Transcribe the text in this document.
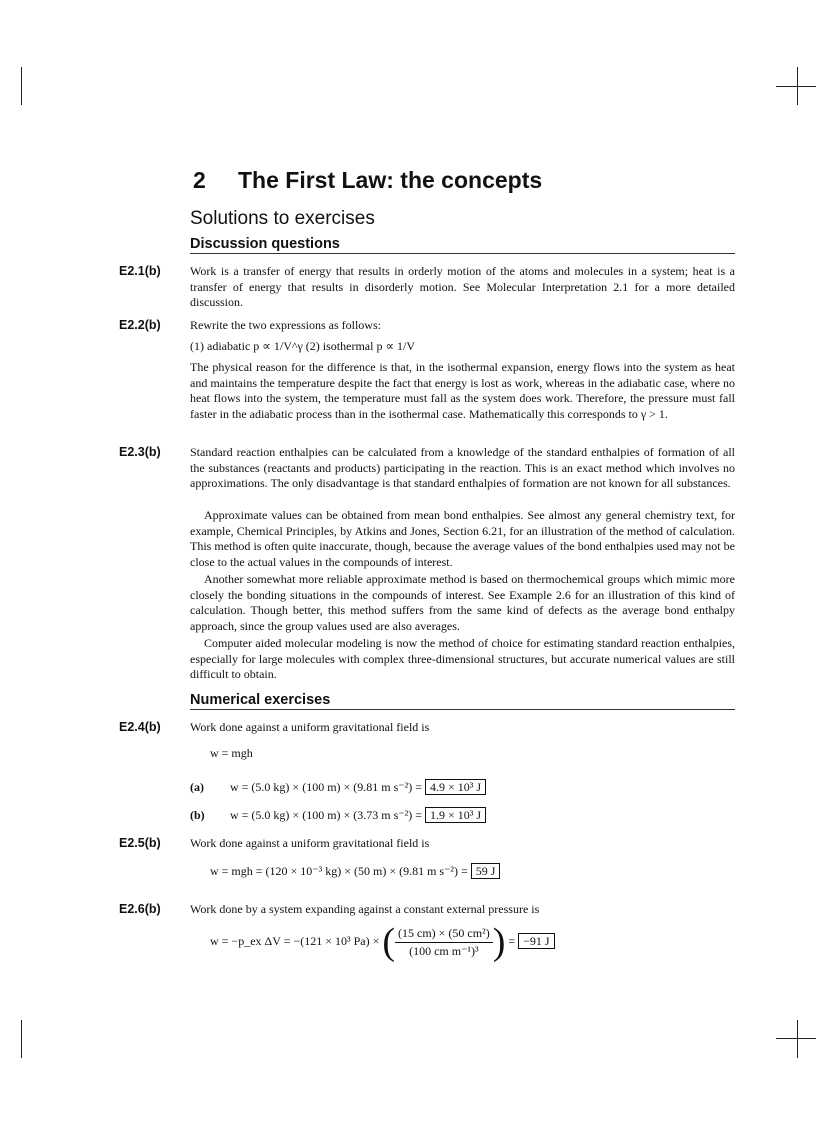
2 The First Law: the concepts
Solutions to exercises
Discussion questions
E2.1(b) Work is a transfer of energy that results in orderly motion of the atoms and molecules in a system; heat is a transfer of energy that results in disorderly motion. See Molecular Interpretation 2.1 for a more detailed discussion.
E2.2(b) Rewrite the two expressions as follows:
(1) adiabatic p ∝ 1/V^γ (2) isothermal p ∝ 1/V
The physical reason for the difference is that, in the isothermal expansion, energy flows into the system as heat and maintains the temperature despite the fact that energy is lost as work, whereas in the adiabatic case, where no heat flows into the system, the temperature must fall as the system does work. Therefore, the pressure must fall faster in the adiabatic process than in the isothermal case. Mathematically this corresponds to γ > 1.
E2.3(b) Standard reaction enthalpies can be calculated from a knowledge of the standard enthalpies of formation of all the substances (reactants and products) participating in the reaction. This is an exact method which involves no approximations. The only disadvantage is that standard enthalpies of formation are not known for all substances.
Approximate values can be obtained from mean bond enthalpies. See almost any general chemistry text, for example, Chemical Principles, by Atkins and Jones, Section 6.21, for an illustration of the method of calculation. This method is often quite inaccurate, though, because the average values of the bond enthalpies used may not be close to the actual values in the compounds of interest.
Another somewhat more reliable approximate method is based on thermochemical groups which mimic more closely the bonding situations in the compounds of interest. See Example 2.6 for an illustration of this kind of calculation. Though better, this method suffers from the same kind of defects as the average bond enthalpy approach, since the group values used are also averages.
Computer aided molecular modeling is now the method of choice for estimating standard reaction enthalpies, especially for large molecules with complex three-dimensional structures, but accurate numerical values are still difficult to obtain.
Numerical exercises
E2.4(b) Work done against a uniform gravitational field is
w = mgh
(a) w = (5.0 kg) × (100 m) × (9.81 m s⁻²) = 4.9 × 10³ J
(b) w = (5.0 kg) × (100 m) × (3.73 m s⁻²) = 1.9 × 10³ J
E2.5(b) Work done against a uniform gravitational field is
w = mgh = (120 × 10⁻³ kg) × (50 m) × (9.81 m s⁻²) = 59 J
E2.6(b) Work done by a system expanding against a constant external pressure is
w = −p_ex ΔV = −(121 × 10³ Pa) × ( $\frac{\text{(15 cm) × (50 cm²)}}{\text{(100 cm m⁻¹)³}}$ ) = −91 J
